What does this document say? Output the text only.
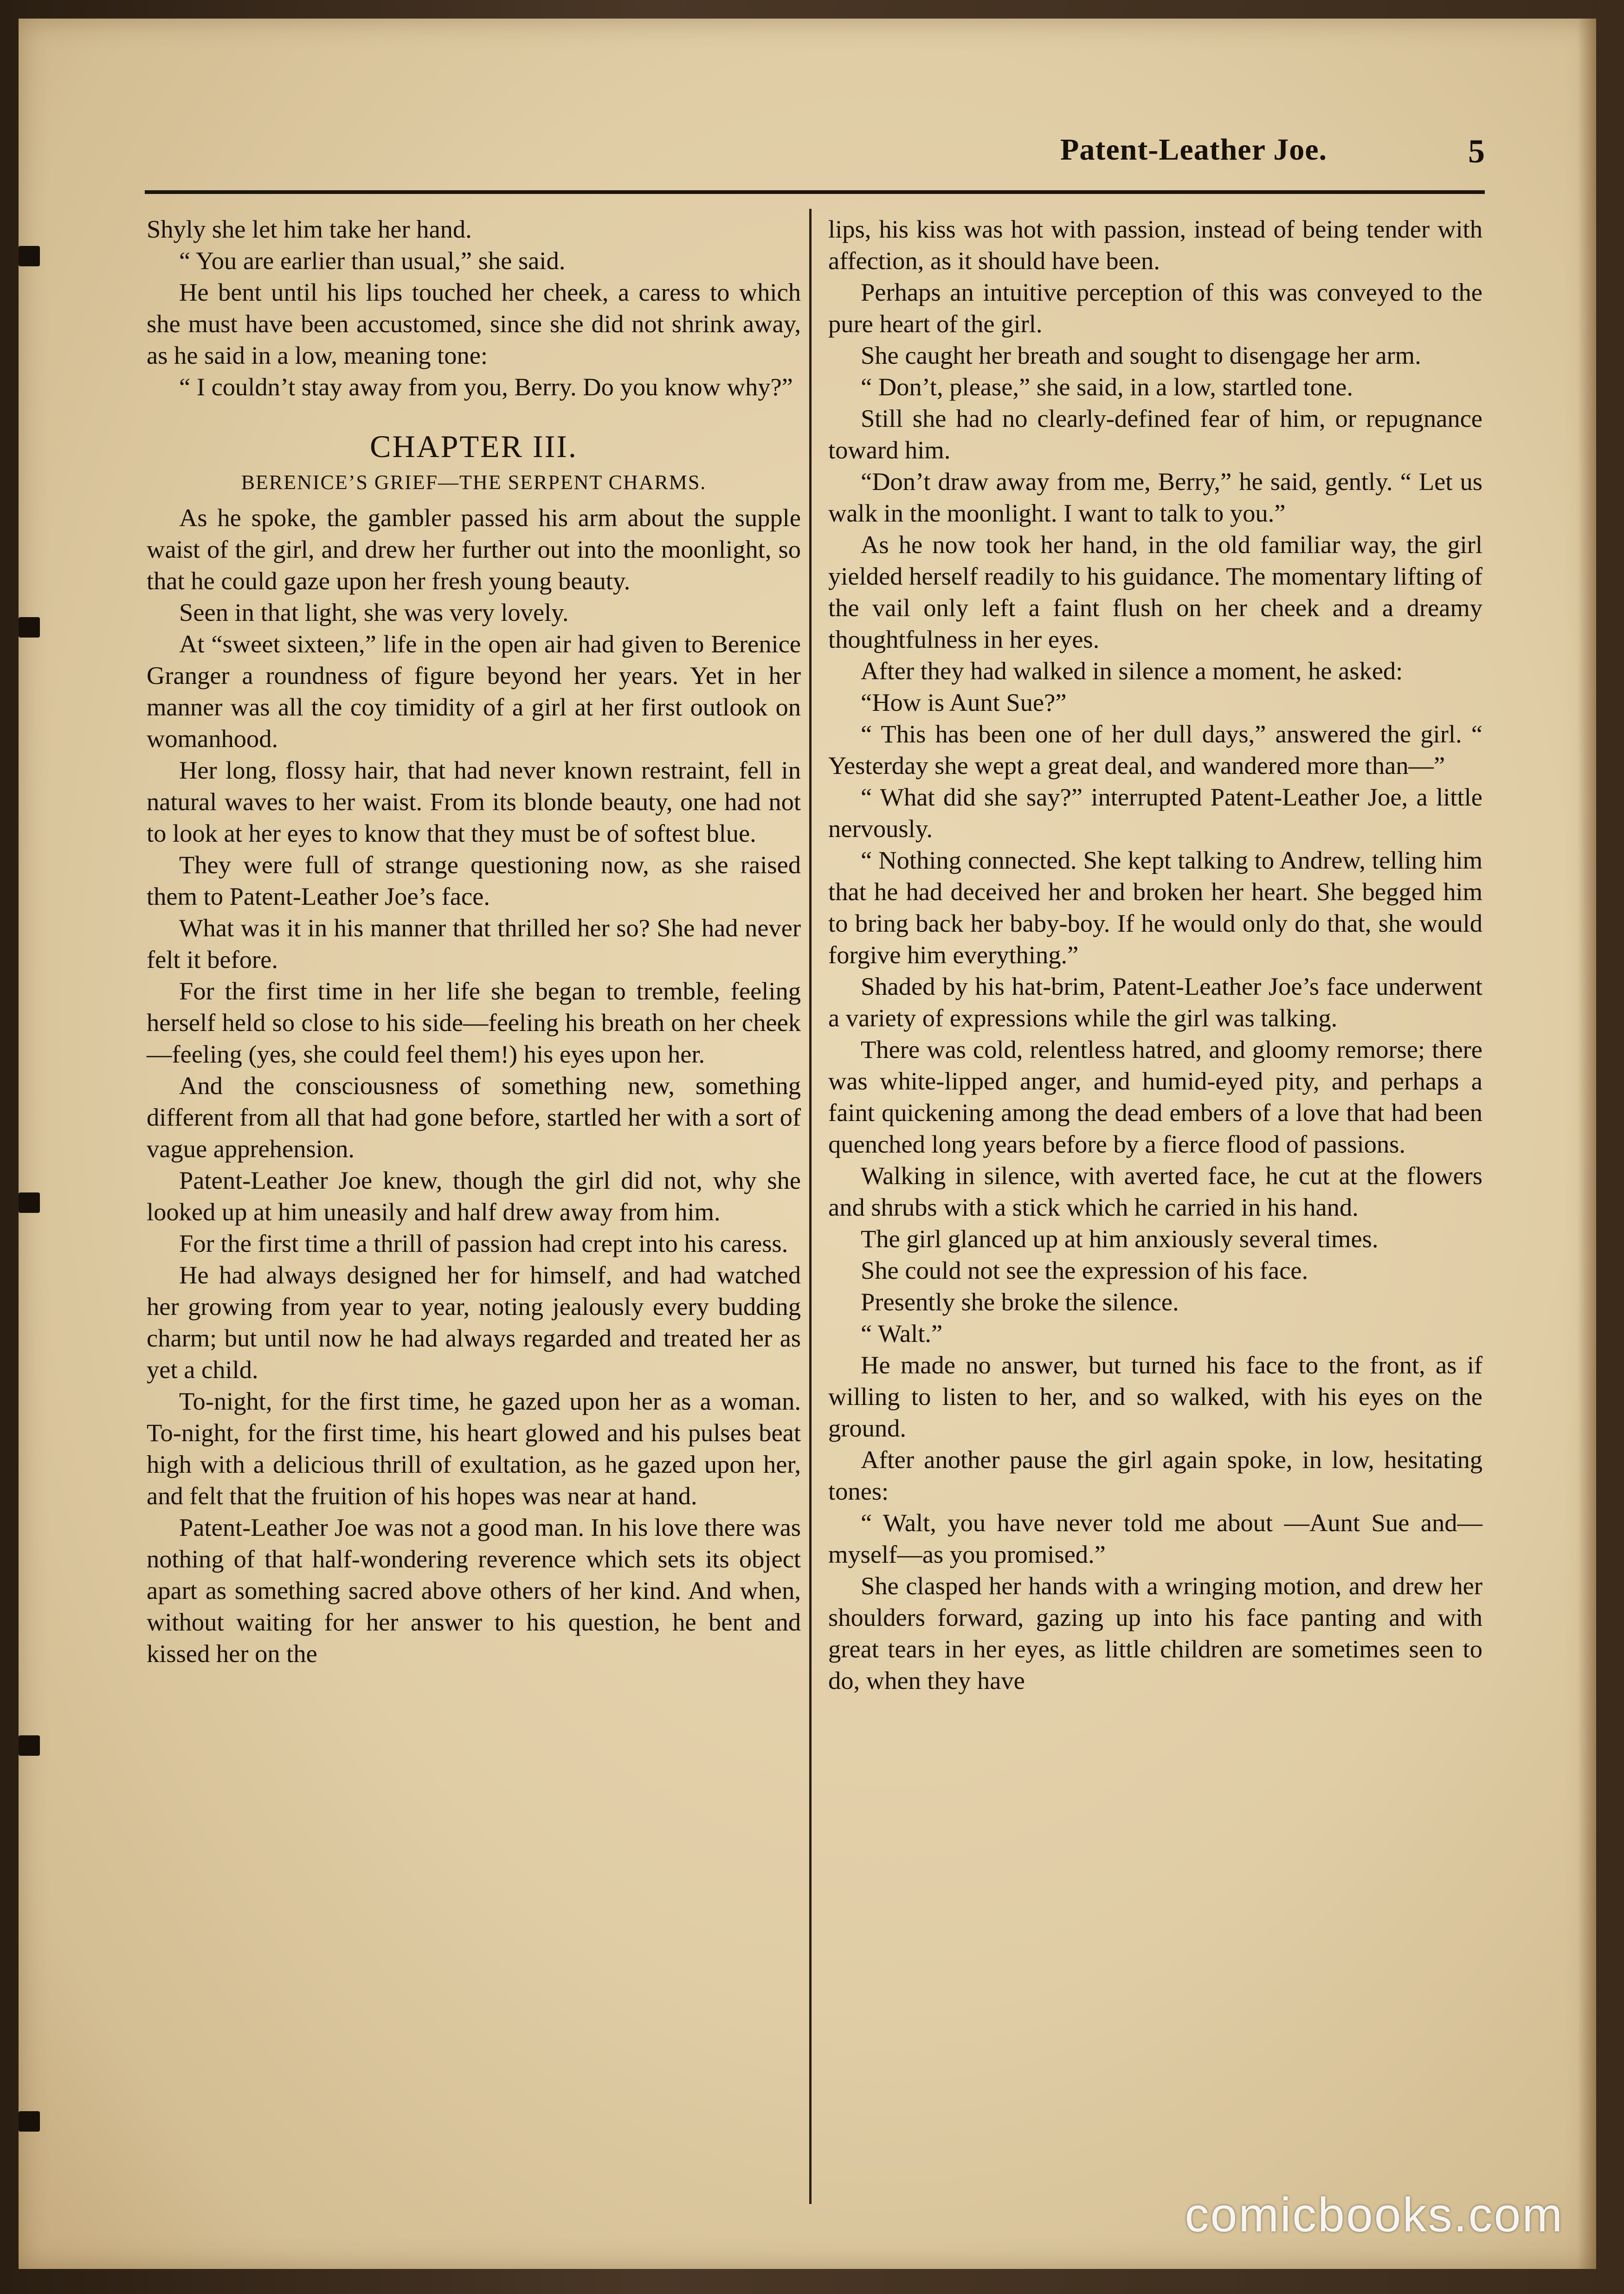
Patent-Leather Joe.	5

Shyly she let him take her hand.

“ You are earlier than usual,” she said.

He bent until his lips touched her cheek, a caress to which she must have been accustomed, since she did not shrink away, as he said in a low, meaning tone:

“ I couldn’t stay away from you, Berry. Do you know why?”

CHAPTER III.
BERENICE’S GRIEF—THE SERPENT CHARMS.

As he spoke, the gambler passed his arm about the supple waist of the girl, and drew her further out into the moonlight, so that he could gaze upon her fresh young beauty.

Seen in that light, she was very lovely.

At “sweet sixteen,” life in the open air had given to Berenice Granger a roundness of figure beyond her years. Yet in her manner was all the coy timidity of a girl at her first outlook on womanhood.

Her long, flossy hair, that had never known restraint, fell in natural waves to her waist. From its blonde beauty, one had not to look at her eyes to know that they must be of softest blue.

They were full of strange questioning now, as she raised them to Patent-Leather Joe’s face.

What was it in his manner that thrilled her so? She had never felt it before.

For the first time in her life she began to tremble, feeling herself held so close to his side—feeling his breath on her cheek—feeling (yes, she could feel them!) his eyes upon her.

And the consciousness of something new, something different from all that had gone before, startled her with a sort of vague apprehension.

Patent-Leather Joe knew, though the girl did not, why she looked up at him uneasily and half drew away from him.

For the first time a thrill of passion had crept into his caress.

He had always designed her for himself, and had watched her growing from year to year, noting jealously every budding charm; but until now he had always regarded and treated her as yet a child.

To-night, for the first time, he gazed upon her as a woman. To-night, for the first time, his heart glowed and his pulses beat high with a delicious thrill of exultation, as he gazed upon her, and felt that the fruition of his hopes was near at hand.

Patent-Leather Joe was not a good man. In his love there was nothing of that half-wondering reverence which sets its object apart as something sacred above others of her kind. And when, without waiting for her answer to his question, he bent and kissed her on the

lips, his kiss was hot with passion, instead of being tender with affection, as it should have been.

Perhaps an intuitive perception of this was conveyed to the pure heart of the girl.

She caught her breath and sought to disengage her arm.

“ Don’t, please,” she said, in a low, startled tone.

Still she had no clearly-defined fear of him, or repugnance toward him.

“Don’t draw away from me, Berry,” he said, gently. “ Let us walk in the moonlight. I want to talk to you.”

As he now took her hand, in the old familiar way, the girl yielded herself readily to his guidance. The momentary lifting of the vail only left a faint flush on her cheek and a dreamy thoughtfulness in her eyes.

After they had walked in silence a moment, he asked:

“How is Aunt Sue?”

“ This has been one of her dull days,” answered the girl. “ Yesterday she wept a great deal, and wandered more than—”

“ What did she say?” interrupted Patent-Leather Joe, a little nervously.

“ Nothing connected. She kept talking to Andrew, telling him that he had deceived her and broken her heart. She begged him to bring back her baby-boy. If he would only do that, she would forgive him everything.”

Shaded by his hat-brim, Patent-Leather Joe’s face underwent a variety of expressions while the girl was talking.

There was cold, relentless hatred, and gloomy remorse; there was white-lipped anger, and humid-eyed pity, and perhaps a faint quickening among the dead embers of a love that had been quenched long years before by a fierce flood of passions.

Walking in silence, with averted face, he cut at the flowers and shrubs with a stick which he carried in his hand.

The girl glanced up at him anxiously several times.

She could not see the expression of his face.

Presently she broke the silence.

“ Walt.”

He made no answer, but turned his face to the front, as if willing to listen to her, and so walked, with his eyes on the ground.

After another pause the girl again spoke, in low, hesitating tones:

“ Walt, you have never told me about —Aunt Sue and—myself—as you promised.”

She clasped her hands with a wringing motion, and drew her shoulders forward, gazing up into his face panting and with great tears in her eyes, as little children are sometimes seen to do, when they have

comicbooks.com
